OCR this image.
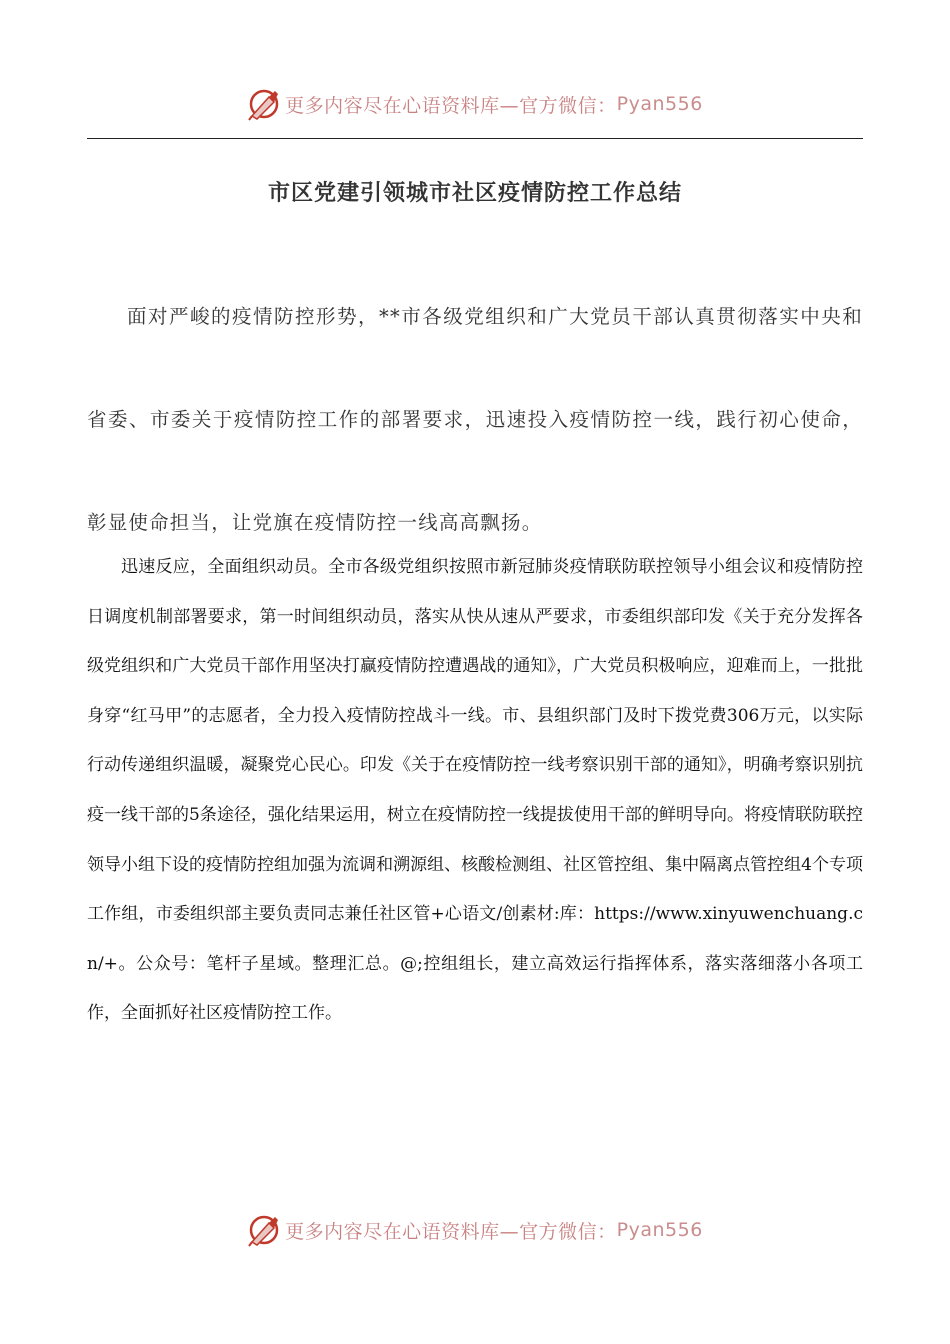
更多内容尽在心语资料库—官方微信： Pyan556
市区党建引领城市社区疫情防控工作总结

面对严峻的疫情防控形势，**市各级党组织和广大党员干部认真贯彻落实中央和省委、市委关于疫情防控工作的部署要求，迅速投入疫情防控一线，践行初心使命，彰显使命担当，让党旗在疫情防控一线高高飘扬。

迅速反应，全面组织动员。全市各级党组织按照市新冠肺炎疫情联防联控领导小组会议和疫情防控日调度机制部署要求，第一时间组织动员，落实从快从速从严要求，市委组织部印发《关于充分发挥各级党组织和广大党员干部作用坚决打赢疫情防控遭遇战的通知》，广大党员积极响应，迎难而上，一批批身穿“红马甲”的志愿者，全力投入疫情防控战斗一线。市、县组织部门及时下拨党费306万元，以实际行动传递组织温暖，凝聚党心民心。印发《关于在疫情防控一线考察识别干部的通知》，明确考察识别抗疫一线干部的5条途径，强化结果运用，树立在疫情防控一线提拔使用干部的鲜明导向。将疫情联防联控领导小组下设的疫情防控组加强为流调和溯源组、核酸检测组、社区管控组、集中隔离点管控组4个专项工作组，市委组织部主要负责同志兼任社区管+心语文/创素材:库：https://www.xinyuwenchuang.cn/+。公众号：笔杆子星域。整理汇总。@;控组组长，建立高效运行指挥体系，落实落细落小各项工作，全面抓好社区疫情防控工作。

更多内容尽在心语资料库—官方微信： Pyan556
